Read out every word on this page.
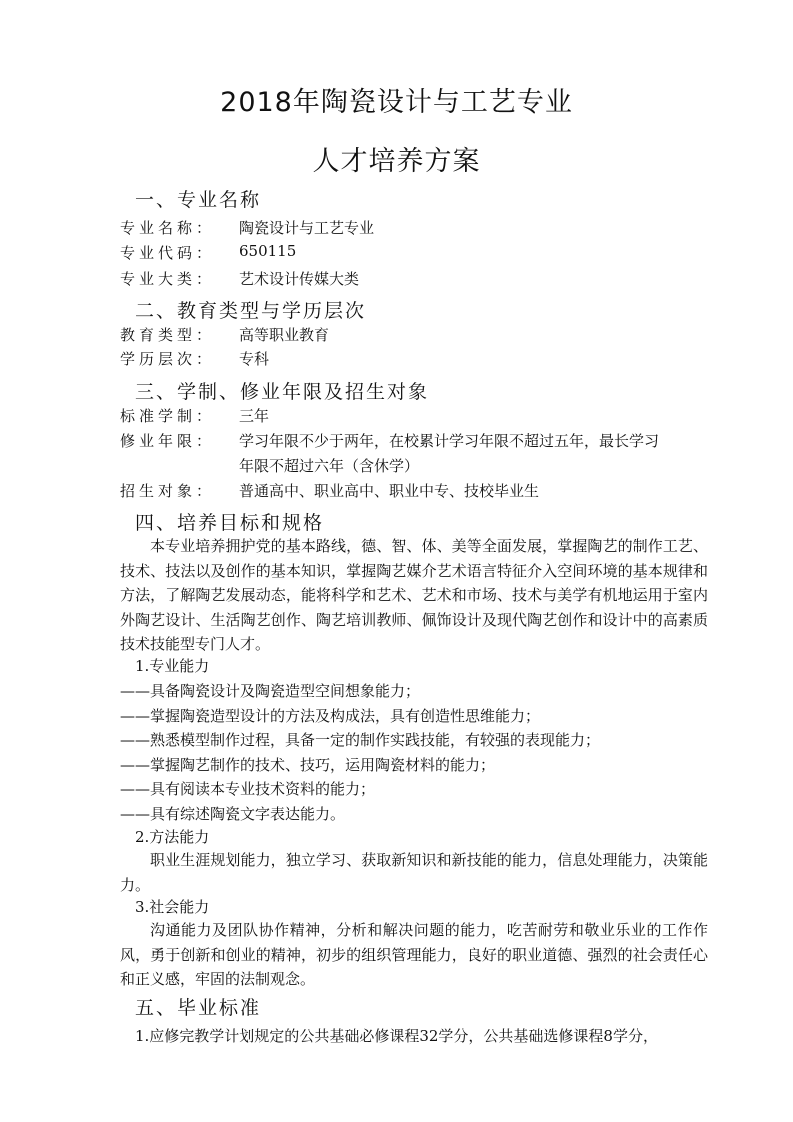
2018年陶瓷设计与工艺专业
人才培养方案
一、专业名称
专业名称： 陶瓷设计与工艺专业
专业代码： 650115
专业大类： 艺术设计传媒大类
二、教育类型与学历层次
教育类型： 高等职业教育
学历层次： 专科
三、学制、修业年限及招生对象
标准学制： 三年
修业年限： 学习年限不少于两年，在校累计学习年限不超过五年，最长学习
年限不超过六年（含休学）
招生对象： 普通高中、职业高中、职业中专、技校毕业生
四、培养目标和规格
本专业培养拥护党的基本路线，德、智、体、美等全面发展，掌握陶艺的制作工艺、技术、技法以及创作的基本知识，掌握陶艺媒介艺术语言特征介入空间环境的基本规律和方法，了解陶艺发展动态，能将科学和艺术、艺术和市场、技术与美学有机地运用于室内外陶艺设计、生活陶艺创作、陶艺培训教师、佩饰设计及现代陶艺创作和设计中的高素质技术技能型专门人才。
1.专业能力
——具备陶瓷设计及陶瓷造型空间想象能力；
——掌握陶瓷造型设计的方法及构成法，具有创造性思维能力；
——熟悉模型制作过程，具备一定的制作实践技能，有较强的表现能力；
——掌握陶艺制作的技术、技巧，运用陶瓷材料的能力；
——具有阅读本专业技术资料的能力；
——具有综述陶瓷文字表达能力。
2.方法能力
职业生涯规划能力，独立学习、获取新知识和新技能的能力，信息处理能力，决策能力。
3.社会能力
沟通能力及团队协作精神，分析和解决问题的能力，吃苦耐劳和敬业乐业的工作作风，勇于创新和创业的精神，初步的组织管理能力，良好的职业道德、强烈的社会责任心和正义感，牢固的法制观念。
五、毕业标准
1.应修完教学计划规定的公共基础必修课程32学分，公共基础选修课程8学分，
